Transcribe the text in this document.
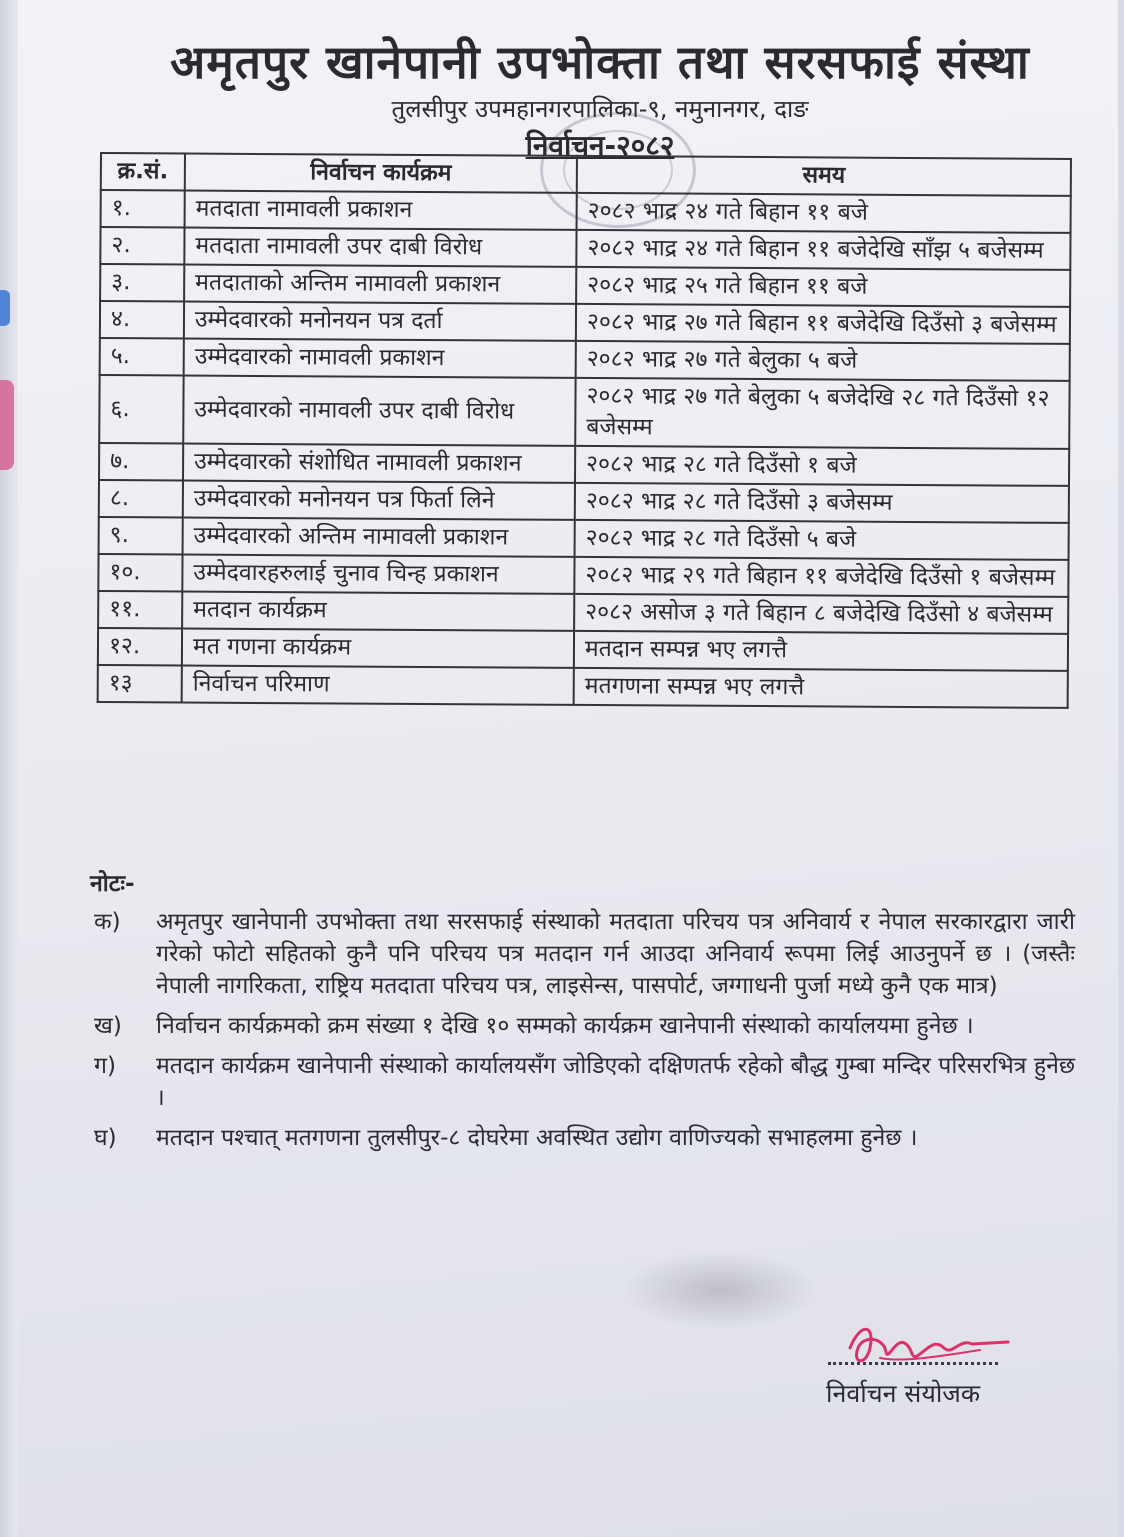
अमृतपुर खानेपानी उपभोक्ता तथा सरसफाई संस्था
तुलसीपुर उपमहानगरपालिका-९, नमुनानगर, दाङ
निर्वाचन-२०८२
क्र.सं.	निर्वाचन कार्यक्रम	समय
१.	मतदाता नामावली प्रकाशन	२०८२ भाद्र २४ गते बिहान ११ बजे
२.	मतदाता नामावली उपर दाबी विरोध	२०८२ भाद्र २४ गते बिहान ११ बजेदेखि साँझ ५ बजेसम्म
३.	मतदाताको अन्तिम नामावली प्रकाशन	२०८२ भाद्र २५ गते बिहान ११ बजे
४.	उम्मेदवारको मनोनयन पत्र दर्ता	२०८२ भाद्र २७ गते बिहान ११ बजेदेखि दिउँसो ३ बजेसम्म
५.	उम्मेदवारको नामावली प्रकाशन	२०८२ भाद्र २७ गते बेलुका ५ बजे
६.	उम्मेदवारको नामावली उपर दाबी विरोध	२०८२ भाद्र २७ गते बेलुका ५ बजेदेखि २८ गते दिउँसो १२ बजेसम्म
७.	उम्मेदवारको संशोधित नामावली प्रकाशन	२०८२ भाद्र २८ गते दिउँसो १ बजे
८.	उम्मेदवारको मनोनयन पत्र फिर्ता लिने	२०८२ भाद्र २८ गते दिउँसो ३ बजेसम्म
९.	उम्मेदवारको अन्तिम नामावली प्रकाशन	२०८२ भाद्र २८ गते दिउँसो ५ बजे
१०.	उम्मेदवारहरुलाई चुनाव चिन्ह प्रकाशन	२०८२ भाद्र २९ गते बिहान ११ बजेदेखि दिउँसो १ बजेसम्म
११.	मतदान कार्यक्रम	२०८२ असोज ३ गते बिहान ८ बजेदेखि दिउँसो ४ बजेसम्म
१२.	मत गणना कार्यक्रम	मतदान सम्पन्न भए लगत्तै
१३	निर्वाचन परिमाण	मतगणना सम्पन्न भए लगत्तै
नोटः-
क)	अमृतपुर खानेपानी उपभोक्ता तथा सरसफाई संस्थाको मतदाता परिचय पत्र अनिवार्य र नेपाल सरकारद्वारा जारी गरेको फोटो सहितको कुनै पनि परिचय पत्र मतदान गर्न आउदा अनिवार्य रूपमा लिई आउनुपर्ने छ । (जस्तैः नेपाली नागरिकता, राष्ट्रिय मतदाता परिचय पत्र, लाइसेन्स, पासपोर्ट, जग्गाधनी पुर्जा मध्ये कुनै एक मात्र)
ख)	निर्वाचन कार्यक्रमको क्रम संख्या १ देखि १० सम्मको कार्यक्रम खानेपानी संस्थाको कार्यालयमा हुनेछ ।
ग)	मतदान कार्यक्रम खानेपानी संस्थाको कार्यालयसँग जोडिएको दक्षिणतर्फ रहेको बौद्ध गुम्बा मन्दिर परिसरभित्र हुनेछ ।
घ)	मतदान पश्चात् मतगणना तुलसीपुर-८ दोघरेमा अवस्थित उद्योग वाणिज्यको सभाहलमा हुनेछ ।
निर्वाचन संयोजक
